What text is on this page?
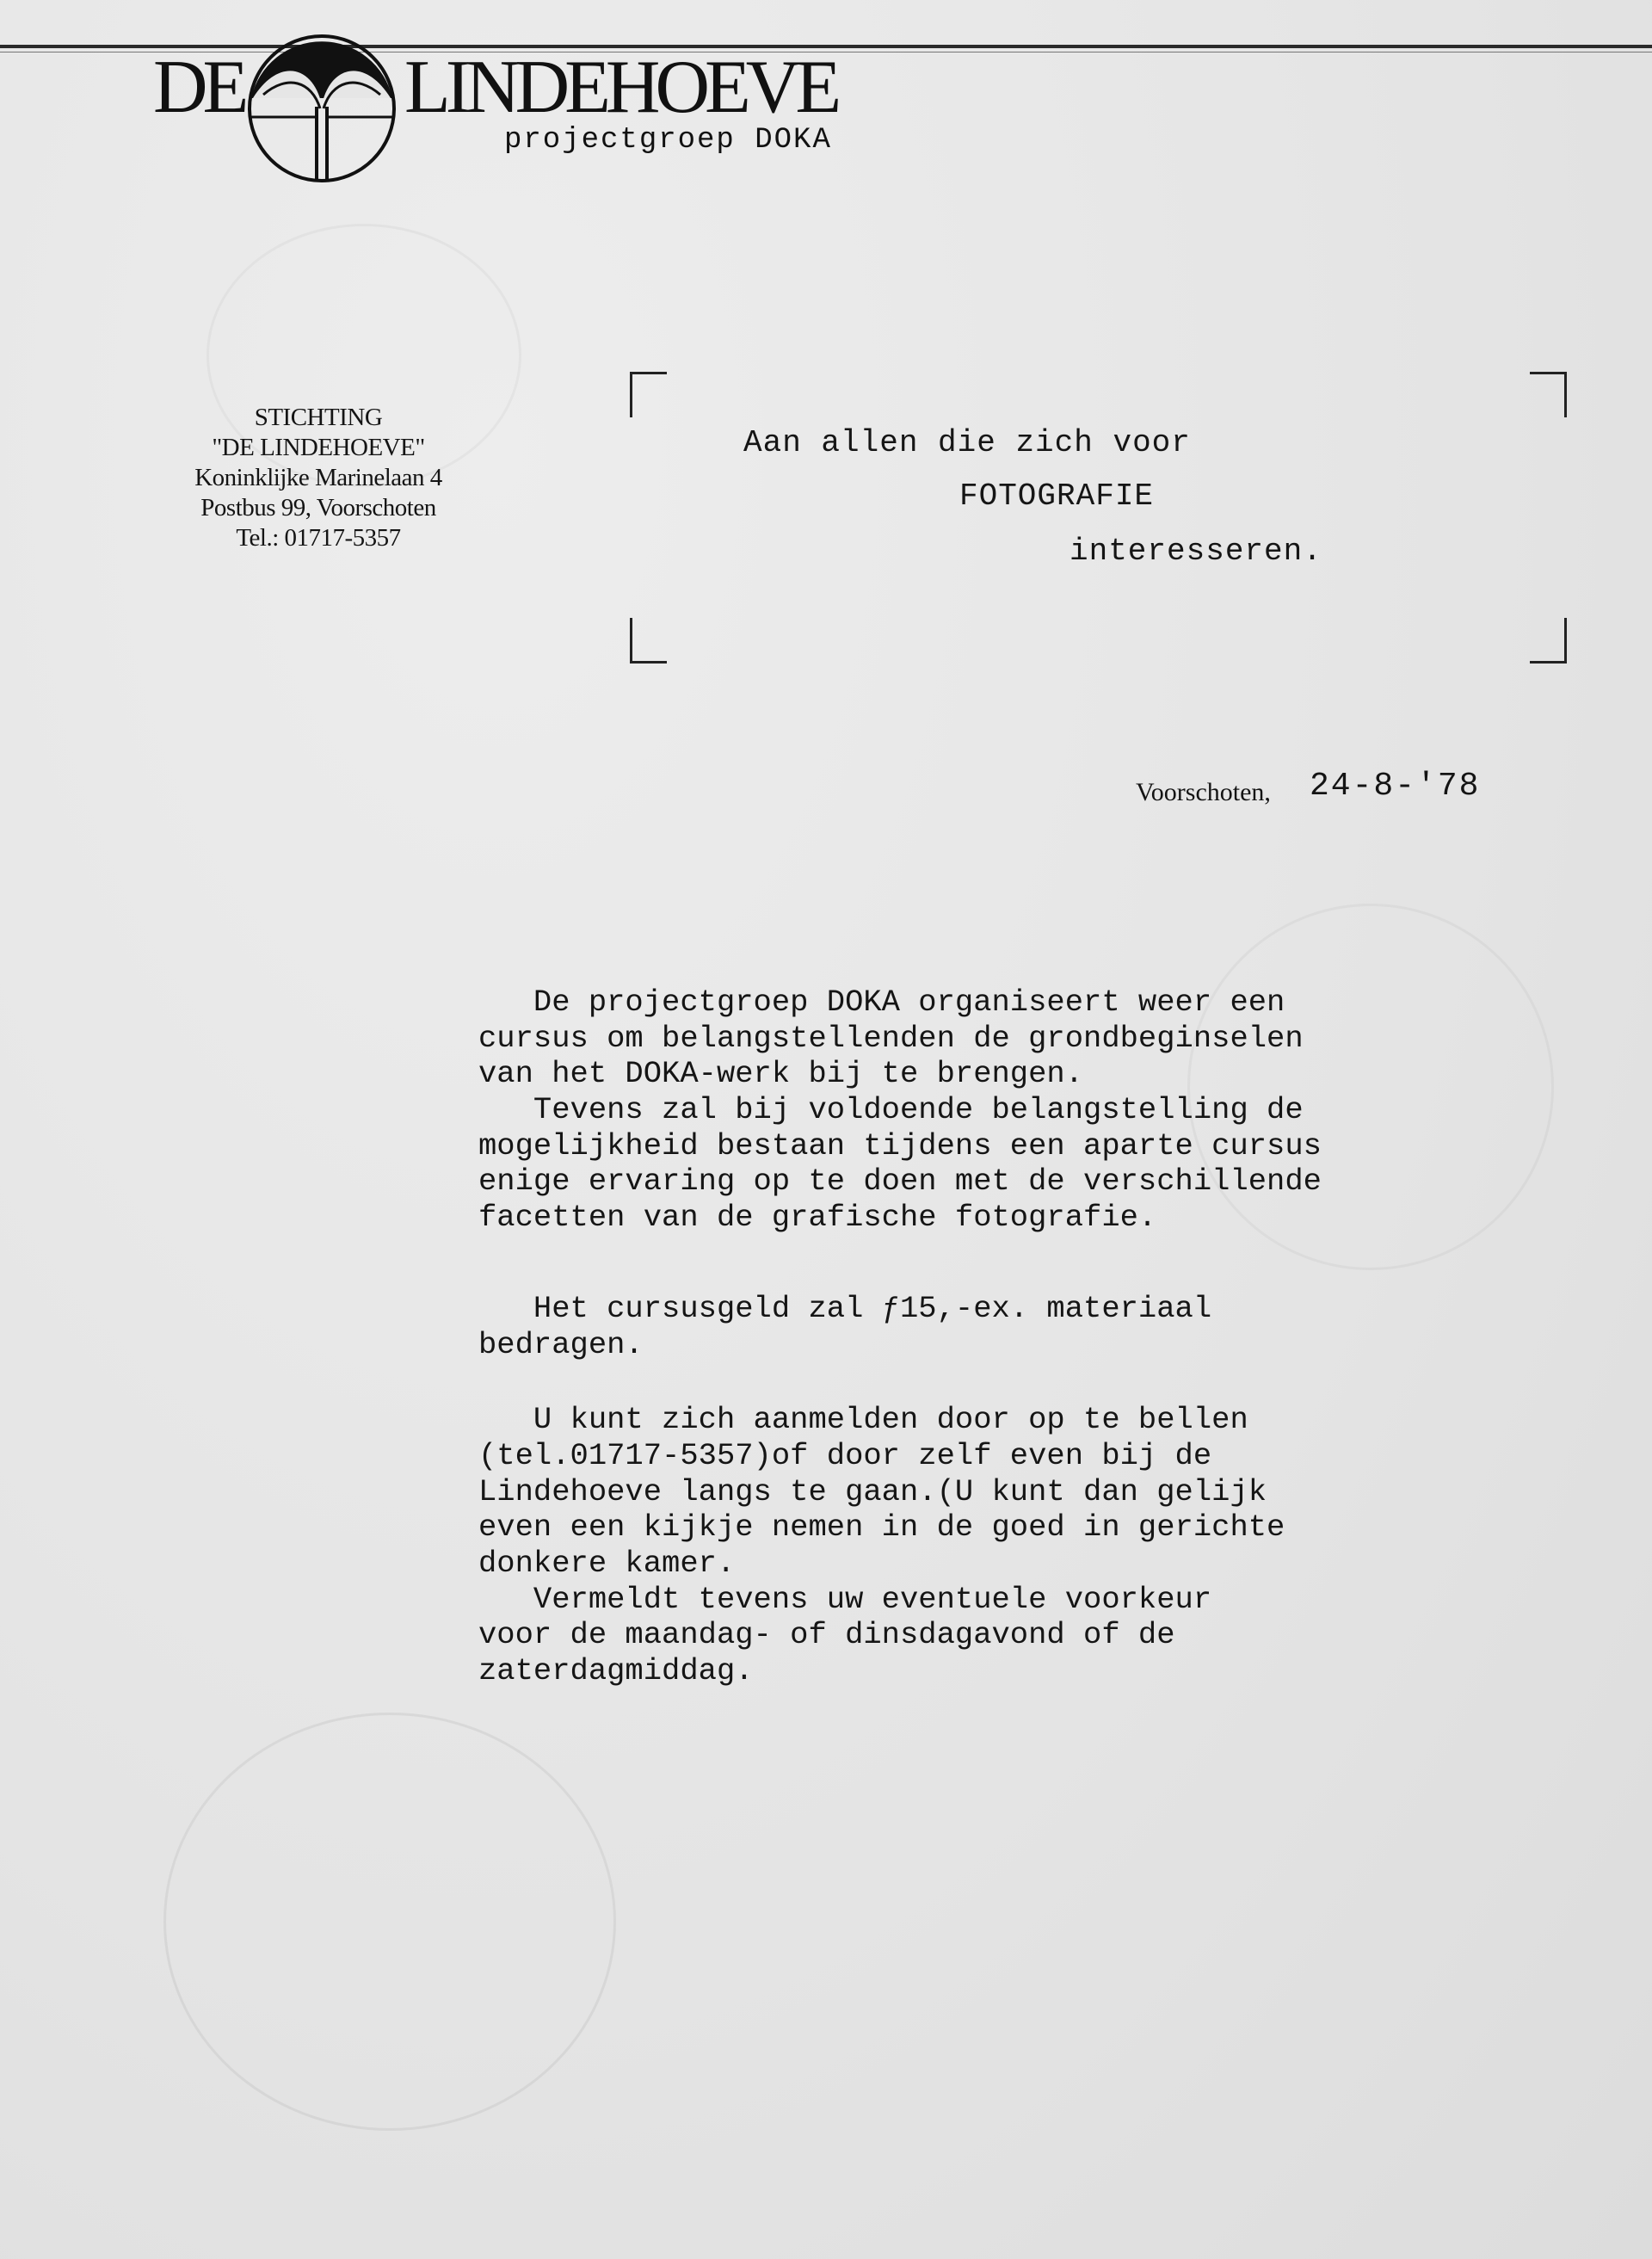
DE LINDEHOEVE
projectgroep DOKA
STICHTING
"DE LINDEHOEVE"
Koninklijke Marinelaan 4
Postbus 99, Voorschoten
Tel.: 01717-5357
Aan allen die zich voor
FOTOGRAFIE
interesseren.
Voorschoten, 24-8-'78
De projectgroep DOKA organiseert weer een
cursus om belangstellenden de grondbeginselen
van het DOKA-werk bij te brengen.
Tevens zal bij voldoende belangstelling de
mogelijkheid bestaan tijdens een aparte cursus
enige ervaring op te doen met de verschillende
facetten van de grafische fotografie.
Het cursusgeld zal ƒ15,-ex. materiaal
bedragen.
U kunt zich aanmelden door op te bellen
(tel.01717-5357)of door zelf even bij de
Lindehoeve langs te gaan.(U kunt dan gelijk
even een kijkje nemen in de goed in gerichte
donkere kamer.
Vermeldt tevens uw eventuele voorkeur
voor de maandag- of dinsdagavond of de
zaterdagmiddag.
